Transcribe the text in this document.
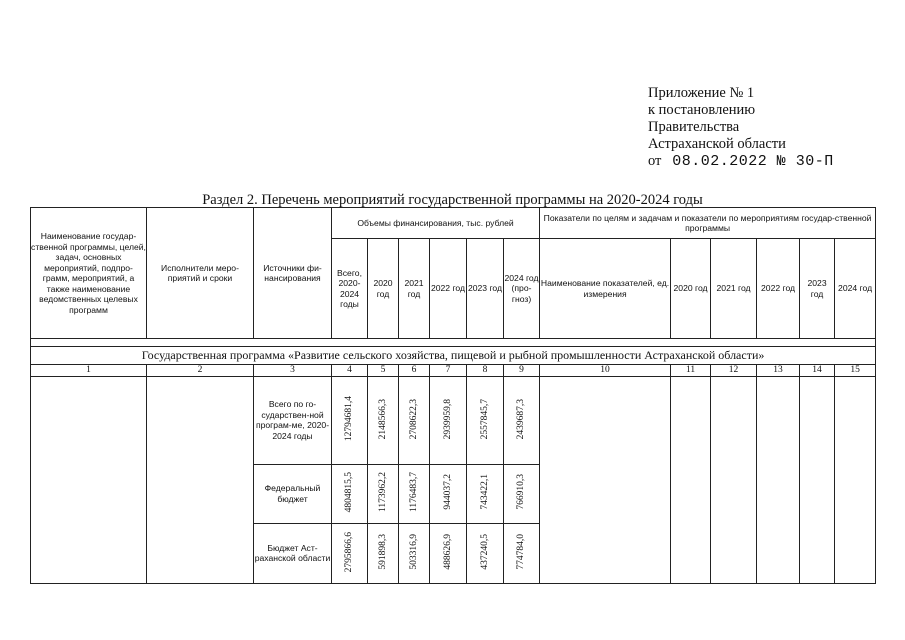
Приложение № 1
к постановлению
Правительства
Астраханской области
от 08.02.2022 № 30-П
Раздел 2. Перечень мероприятий государственной программы на 2020-2024 годы
Наименование государ-ственной программы, целей, задач, основных мероприятий, подпро-грамм, мероприятий, а также наименование ведомственных целевых программ	Исполнители меро-приятий и сроки	Источники фи-нансирования	Объемы финансирования, тыс. рублей						Показатели по целям и задачам и показатели по мероприятиям государ-ственной программы					
			Всего, 2020-2024 годы	2020 год	2021 год	2022 год	2023 год	2024 год (про-гноз)	Наименование показателей, ед. измерения	2020 год	2021 год	2022 год	2023 год	2024 год

Государственная программа «Развитие сельского хозяйства, пищевой и рыбной промышленности Астраханской области»														
1	2	3	4	5	6	7	8	9	10	11	12	13	14	15
		Всего по го-сударствен-ной програм-ме, 2020-2024 годы	12794681,4	2148566,3	2708622,3	2939959,8	2557845,7	2439687,3						
		Федеральный бюджет	4804815,5	1173962,2	1176483,7	944037,2	743422,1	766910,3						
		Бюджет Аст-раханской области	2795866,6	591898,3	503316,9	488626,9	437240,5	774784,0						
